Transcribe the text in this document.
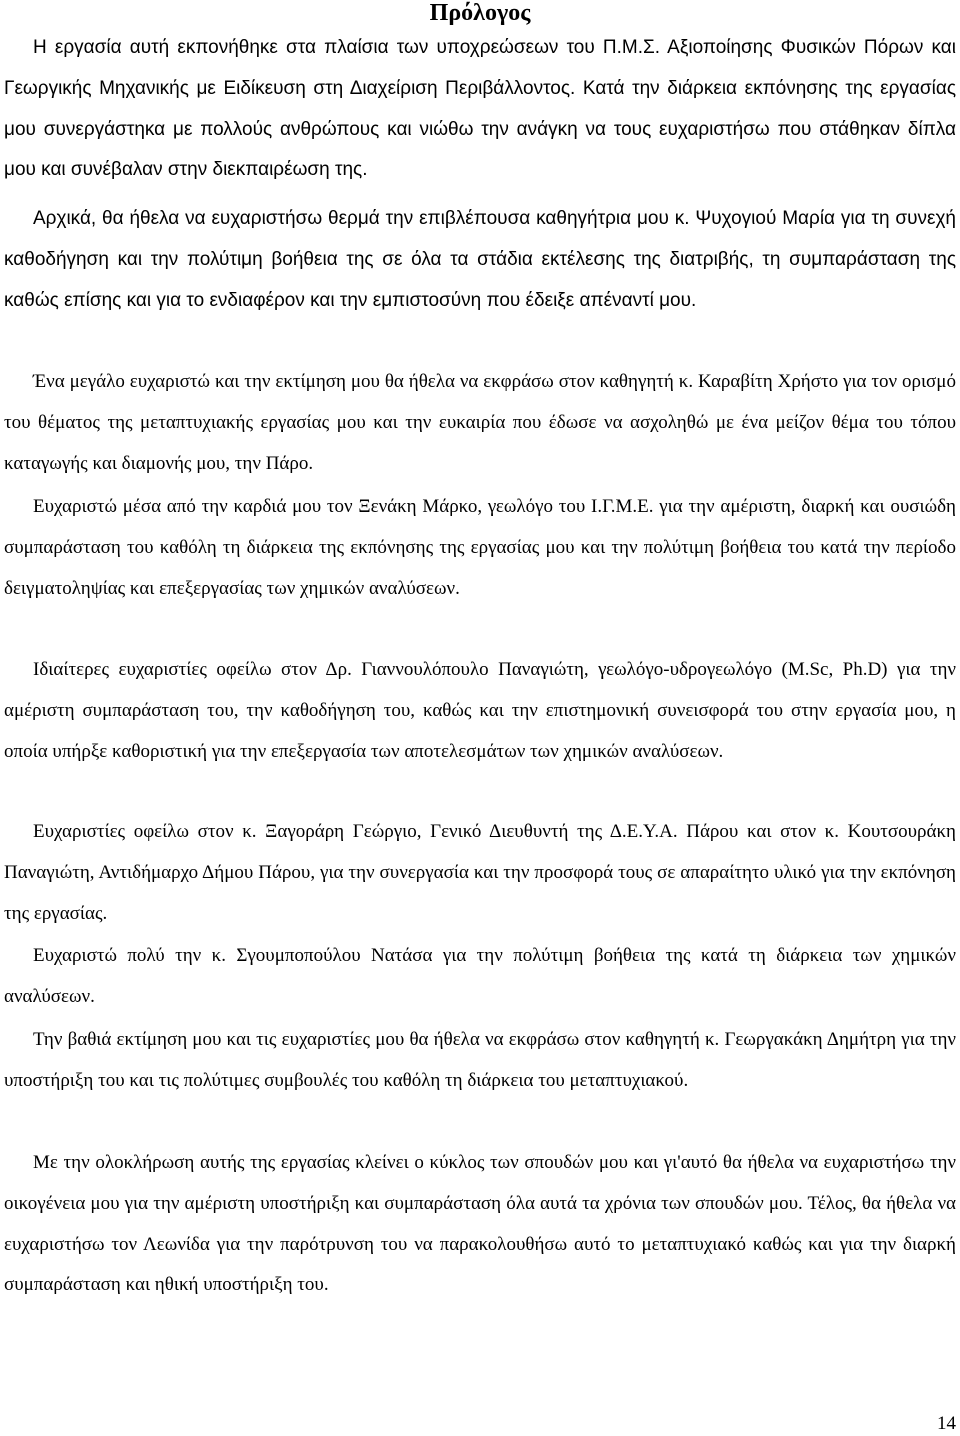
Πρόλογος

Η εργασία αυτή εκπονήθηκε στα πλαίσια των υποχρεώσεων του Π.Μ.Σ. Αξιοποίησης Φυσικών Πόρων και Γεωργικής Μηχανικής με Ειδίκευση στη Διαχείριση Περιβάλλοντος. Κατά την διάρκεια εκπόνησης της εργασίας μου συνεργάστηκα με πολλούς ανθρώπους και νιώθω την ανάγκη να τους ευχαριστήσω που στάθηκαν δίπλα μου και συνέβαλαν στην διεκπαιρέωση της.

Αρχικά, θα ήθελα να ευχαριστήσω θερμά την επιβλέπουσα καθηγήτρια μου κ. Ψυχογιού Μαρία για τη συνεχή καθοδήγηση και την πολύτιμη βοήθεια της σε όλα τα στάδια εκτέλεσης της διατριβής, τη συμπαράσταση της καθώς επίσης και για το ενδιαφέρον και την εμπιστοσύνη που έδειξε απέναντί μου.

Ένα μεγάλο ευχαριστώ και την εκτίμηση μου θα ήθελα να εκφράσω στον καθηγητή κ. Καραβίτη Χρήστο για τον ορισμό του θέματος της μεταπτυχιακής εργασίας μου και την ευκαιρία που έδωσε να ασχοληθώ με ένα μείζον θέμα του τόπου καταγωγής και διαμονής μου, την Πάρο.

Ευχαριστώ μέσα από την καρδιά μου τον Ξενάκη Μάρκο, γεωλόγο του Ι.Γ.Μ.Ε. για την αμέριστη, διαρκή και ουσιώδη συμπαράσταση του καθόλη τη διάρκεια της εκπόνησης της εργασίας μου και την πολύτιμη βοήθεια του κατά την περίοδο δειγματοληψίας και επεξεργασίας των χημικών αναλύσεων.

Ιδιαίτερες ευχαριστίες οφείλω στον Δρ. Γιαννουλόπουλο Παναγιώτη, γεωλόγο-υδρογεωλόγο (M.Sc, Ph.D) για την αμέριστη συμπαράσταση του, την καθοδήγηση του, καθώς και την επιστημονική συνεισφορά του στην εργασία μου, η οποία υπήρξε καθοριστική για την επεξεργασία των αποτελεσμάτων των χημικών αναλύσεων.

Ευχαριστίες οφείλω στον κ. Ξαγοράρη Γεώργιο, Γενικό Διευθυντή της Δ.Ε.Υ.Α. Πάρου και στον κ. Κουτσουράκη Παναγιώτη, Αντιδήμαρχο Δήμου Πάρου, για την συνεργασία και την προσφορά τους σε απαραίτητο υλικό για την εκπόνηση της εργασίας.

Ευχαριστώ πολύ την κ. Σγουμποπούλου Νατάσα για την πολύτιμη βοήθεια της κατά τη διάρκεια των χημικών αναλύσεων.

Την βαθιά εκτίμηση μου και τις ευχαριστίες μου θα ήθελα να εκφράσω στον καθηγητή κ. Γεωργακάκη Δημήτρη για την υποστήριξη του και τις πολύτιμες συμβουλές του καθόλη τη διάρκεια του μεταπτυχιακού.

Με την ολοκλήρωση αυτής της εργασίας κλείνει ο κύκλος των σπουδών μου και γι'αυτό θα ήθελα να ευχαριστήσω την οικογένεια μου για την αμέριστη υποστήριξη και συμπαράσταση όλα αυτά τα χρόνια των σπουδών μου. Τέλος, θα ήθελα να ευχαριστήσω τον Λεωνίδα για την παρότρυνση του να παρακολουθήσω αυτό το μεταπτυχιακό καθώς και για την διαρκή συμπαράσταση και ηθική υποστήριξη του.

14
